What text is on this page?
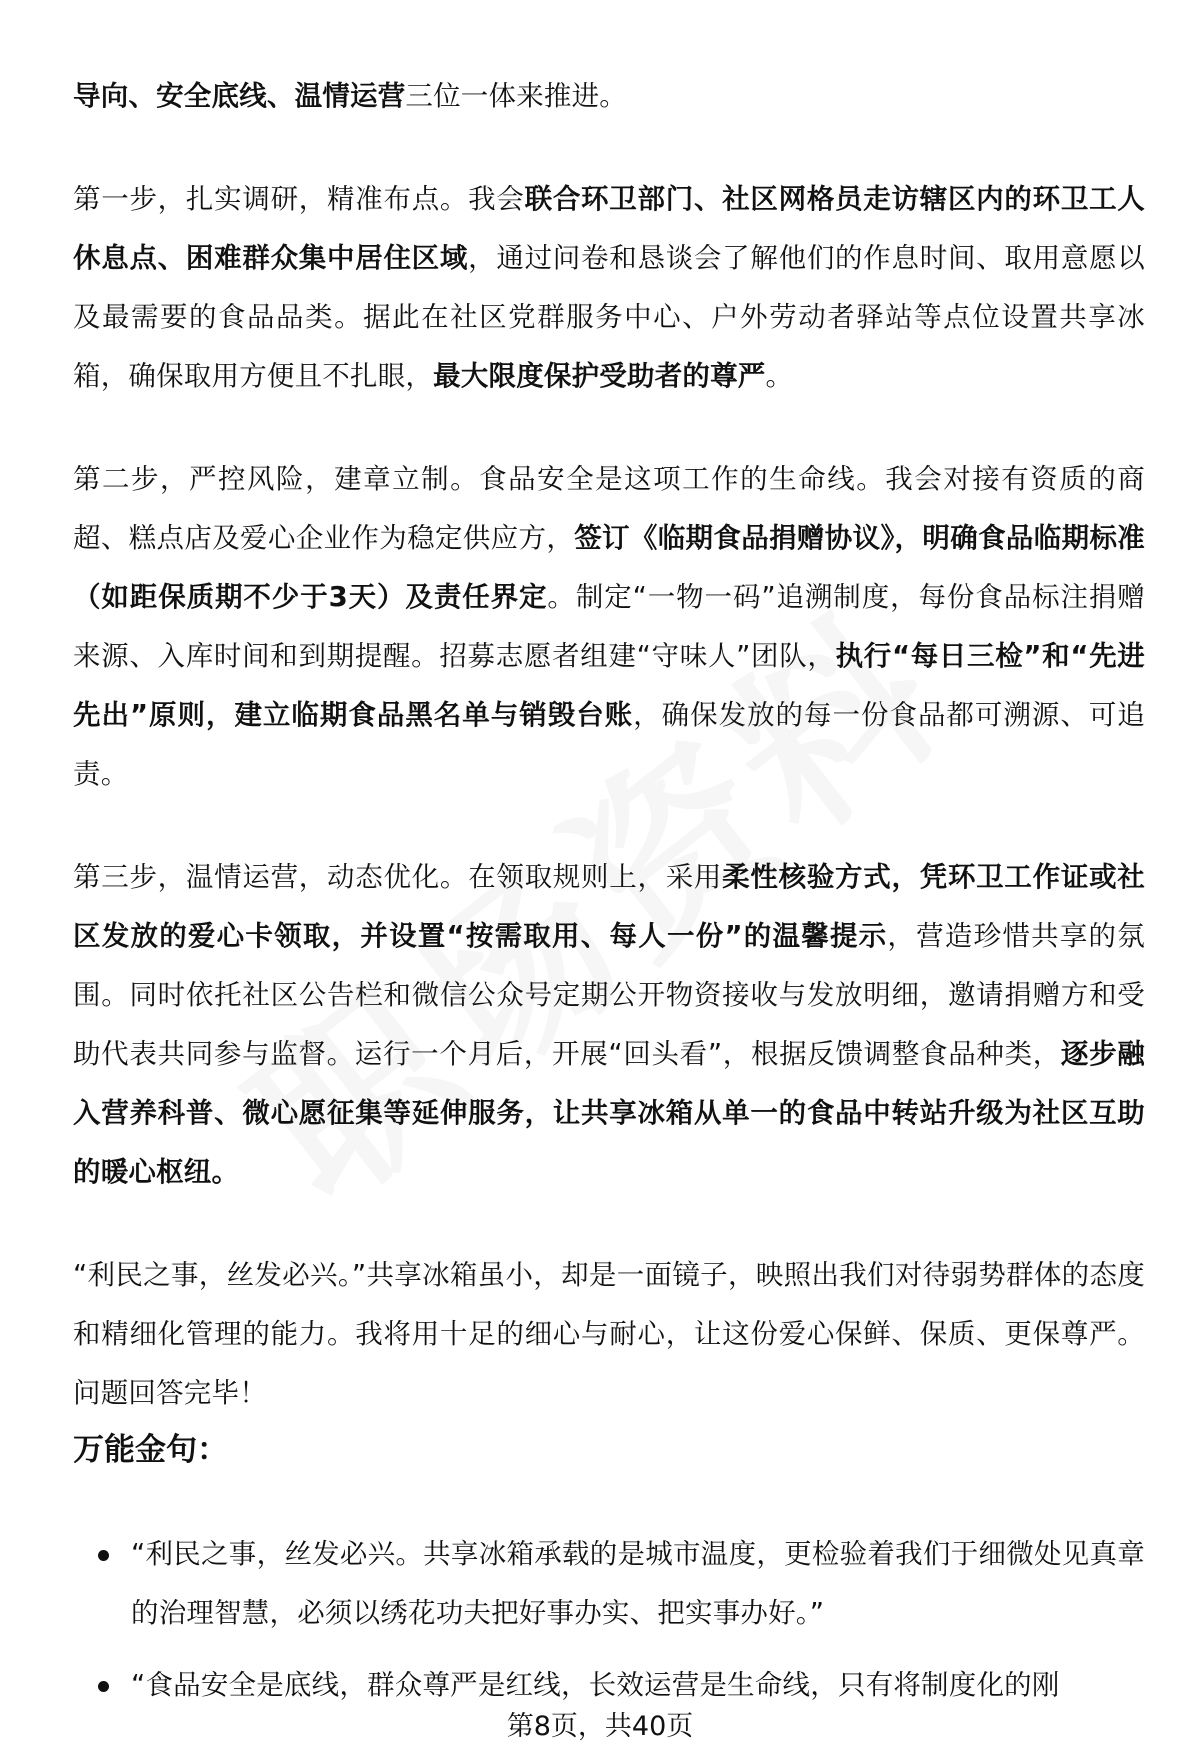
导向、安全底线、温情运营三位一体来推进。

第一步，扎实调研，精准布点。我会联合环卫部门、社区网格员走访辖区内的环卫工人休息点、困难群众集中居住区域，通过问卷和恳谈会了解他们的作息时间、取用意愿以及最需要的食品品类。据此在社区党群服务中心、户外劳动者驿站等点位设置共享冰箱，确保取用方便且不扎眼，最大限度保护受助者的尊严。

第二步，严控风险，建章立制。食品安全是这项工作的生命线。我会对接有资质的商超、糕点店及爱心企业作为稳定供应方，签订《临期食品捐赠协议》，明确食品临期标准（如距保质期不少于3天）及责任界定。制定“一物一码”追溯制度，每份食品标注捐赠来源、入库时间和到期提醒。招募志愿者组建“守味人”团队，执行“每日三检”和“先进先出”原则，建立临期食品黑名单与销毁台账，确保发放的每一份食品都可溯源、可追责。

第三步，温情运营，动态优化。在领取规则上，采用柔性核验方式，凭环卫工作证或社区发放的爱心卡领取，并设置“按需取用、每人一份”的温馨提示，营造珍惜共享的氛围。同时依托社区公告栏和微信公众号定期公开物资接收与发放明细，邀请捐赠方和受助代表共同参与监督。运行一个月后，开展“回头看”，根据反馈调整食品种类，逐步融入营养科普、微心愿征集等延伸服务，让共享冰箱从单一的食品中转站升级为社区互助的暖心枢纽。

“利民之事，丝发必兴。”共享冰箱虽小，却是一面镜子，映照出我们对待弱势群体的态度和精细化管理的能力。我将用十足的细心与耐心，让这份爱心保鲜、保质、更保尊严。问题回答完毕！

万能金句：
“利民之事，丝发必兴。共享冰箱承载的是城市温度，更检验着我们于细微处见真章的治理智慧，必须以绣花功夫把好事办实、把实事办好。”
“食品安全是底线，群众尊严是红线，长效运营是生命线，只有将制度化的刚
第8页，共40页
